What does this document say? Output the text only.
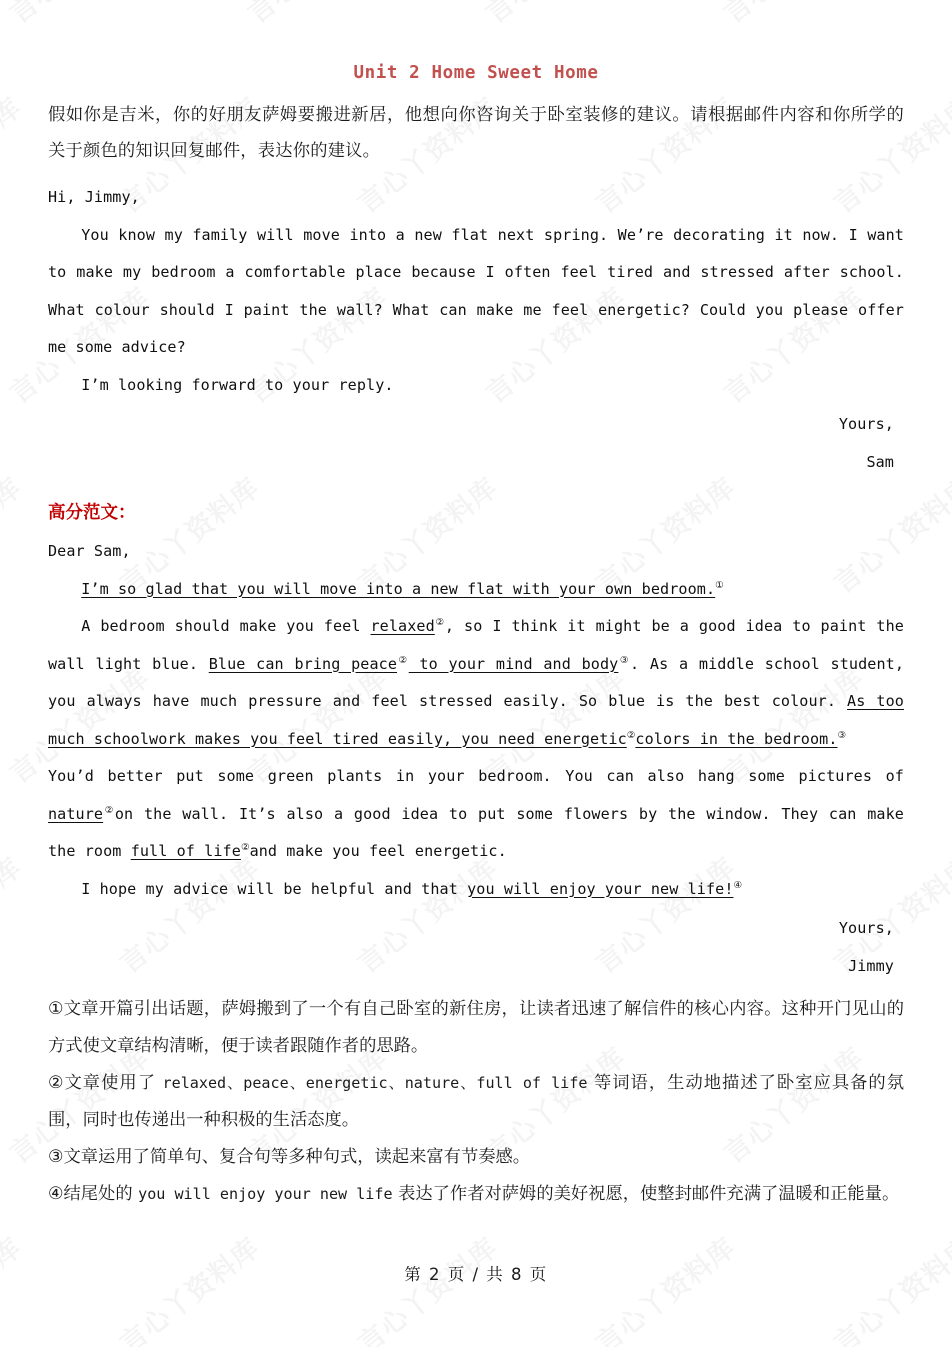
Unit 2 Home Sweet Home
假如你是吉米，你的好朋友萨姆要搬进新居，他想向你咨询关于卧室装修的建议。请根据邮件内容和你所学的关于颜色的知识回复邮件，表达你的建议。
Hi, Jimmy,
You know my family will move into a new flat next spring. We’re decorating it now. I want to make my bedroom a comfortable place because I often feel tired and stressed after school. What colour should I paint the wall? What can make me feel energetic? Could you please offer me some advice?
I’m looking forward to your reply.
Yours,
Sam
高分范文：
Dear Sam,
I’m so glad that you will move into a new flat with your own bedroom.①
A bedroom should make you feel relaxed②, so I think it might be a good idea to paint the wall light blue. Blue can bring peace② to your mind and body③. As a middle school student, you always have much pressure and feel stressed easily. So blue is the best colour. As too much schoolwork makes you feel tired easily, you need energetic②colors in the bedroom.③
You’d better put some green plants in your bedroom. You can also hang some pictures of nature②on the wall. It’s also a good idea to put some flowers by the window. They can make the room full of life②and make you feel energetic.
I hope my advice will be helpful and that you will enjoy your new life!④
Yours,
Jimmy
①文章开篇引出话题，萨姆搬到了一个有自己卧室的新住房，让读者迅速了解信件的核心内容。这种开门见山的方式使文章结构清晰，便于读者跟随作者的思路。
②文章使用了 relaxed、peace、energetic、nature、full of life 等词语，生动地描述了卧室应具备的氛围，同时也传递出一种积极的生活态度。
③文章运用了简单句、复合句等多种句式，读起来富有节奏感。
④结尾处的 you will enjoy your new life 表达了作者对萨姆的美好祝愿，使整封邮件充满了温暖和正能量。
第 2 页 / 共 8 页
